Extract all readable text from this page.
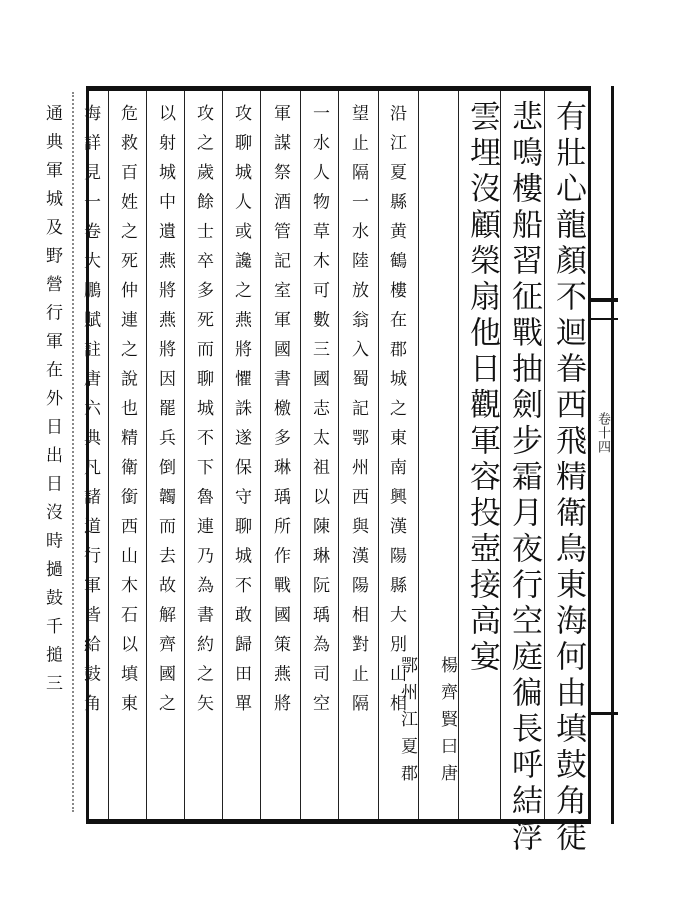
卷十四
有壯心龍顏不迴眷西飛精衛鳥東海何由填鼓角徒
悲鳴樓船習征戰抽劍步霜月夜行空庭徧長呼結浮
雲埋沒顧榮扇他日觀軍容投壺接高宴
楊齊賢曰唐
鄂州江夏郡
沿江夏縣黄鶴樓在郡城之東南興漢陽縣大別山相
望止隔一水陸放翁入蜀記鄂州西與漢陽相對止隔
一水人物草木可數三國志太祖以陳琳阮瑀為司空
軍謀祭酒管記室軍國書檄多琳瑀所作戰國策燕將
攻聊城人或讒之燕將懼誅遂保守聊城不敢歸田單
攻之歲餘士卒多死而聊城不下魯連乃為書約之矢
以射城中遺燕將燕將因罷兵倒韣而去故解齊國之
危救百姓之死仲連之說也精衛銜西山木石以填東
海詳見一卷大鵬賦註唐六典凡諸道行軍皆給鼓角
通典軍城及野營行軍在外日出日沒時撾鼓千搥三
